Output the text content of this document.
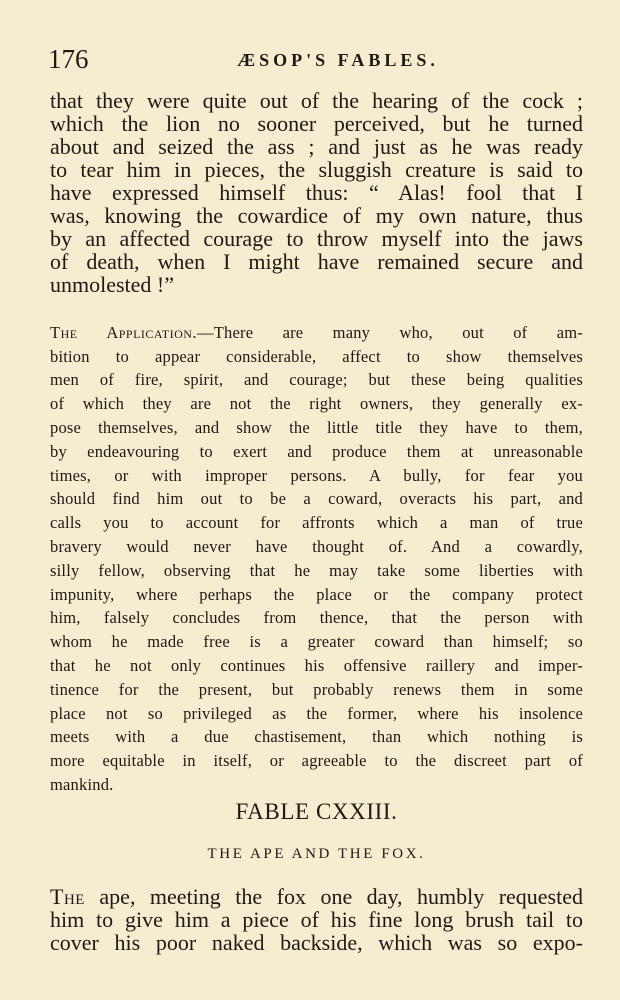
176	ÆSOP'S FABLES.
that they were quite out of the hearing of the cock ;
which the lion no sooner perceived, but he turned
about and seized the ass ; and just as he was ready
to tear him in pieces, the sluggish creature is said to
have expressed himself thus: “ Alas! fool that I
was, knowing the cowardice of my own nature, thus
by an affected courage to throw myself into the jaws
of death, when I might have remained secure and
unmolested !”
The Application.—There are many who, out of am-
bition to appear considerable, affect to show themselves
men of fire, spirit, and courage; but these being qualities
of which they are not the right owners, they generally ex-
pose themselves, and show the little title they have to them,
by endeavouring to exert and produce them at unreasonable
times, or with improper persons. A bully, for fear you
should find him out to be a coward, overacts his part, and
calls you to account for affronts which a man of true
bravery would never have thought of. And a cowardly,
silly fellow, observing that he may take some liberties with
impunity, where perhaps the place or the company protect
him, falsely concludes from thence, that the person with
whom he made free is a greater coward than himself; so
that he not only continues his offensive raillery and imper-
tinence for the present, but probably renews them in some
place not so privileged as the former, where his insolence
meets with a due chastisement, than which nothing is
more equitable in itself, or agreeable to the discreet part of
mankind.
FABLE CXXIII.
THE APE AND THE FOX.
The ape, meeting the fox one day, humbly requested
him to give him a piece of his fine long brush tail to
cover his poor naked backside, which was so expo-
